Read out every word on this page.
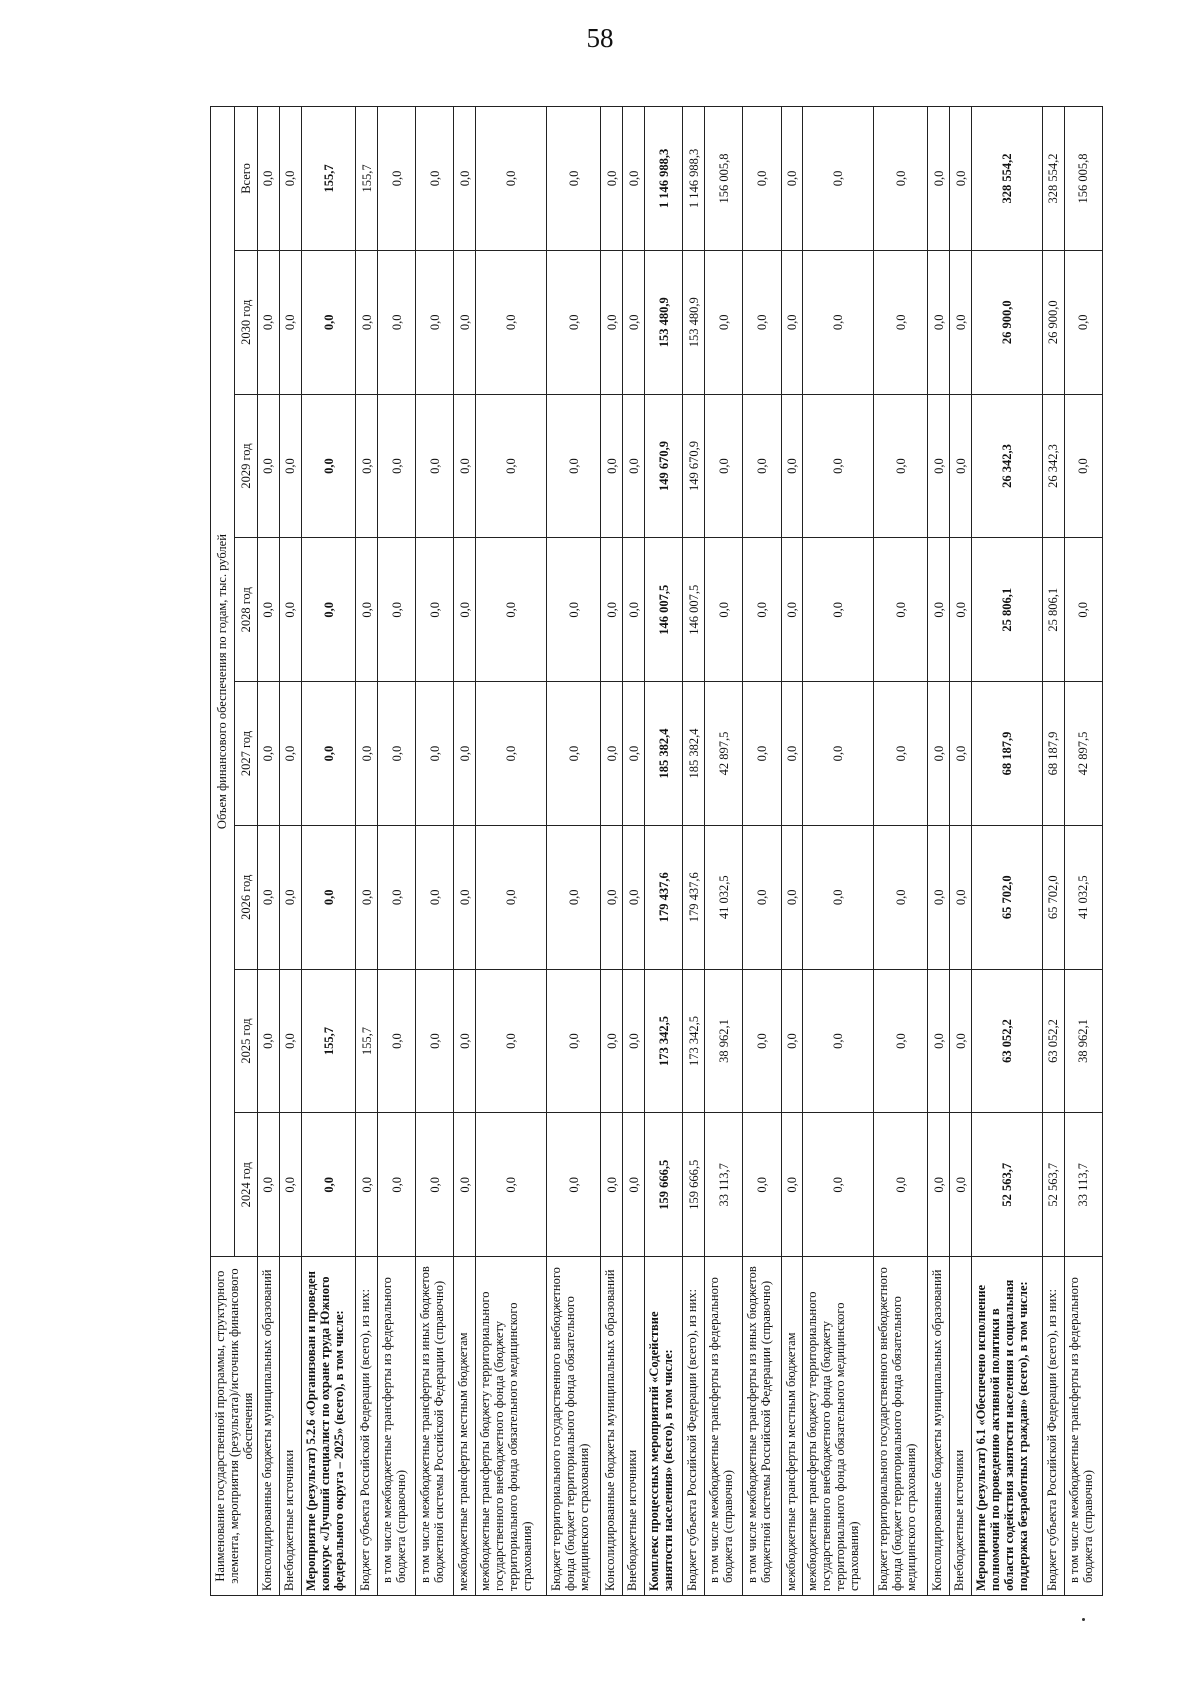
58
Наименование государственной программы, структурного элемента, мероприятия (результата)/источник финансового обеспечения	Объем финансового обеспечения по годам, тыс. рублей							
	2024 год	2025 год	2026 год	2027 год	2028 год	2029 год	2030 год	Всего
Консолидированные бюджеты муниципальных образований	0,0	0,0	0,0	0,0	0,0	0,0	0,0	0,0
Внебюджетные источники	0,0	0,0	0,0	0,0	0,0	0,0	0,0	0,0
Мероприятие (результат) 5.2.6 «Организован и проведен конкурс «Лучший специалист по охране труда Южного федерального округа – 2025» (всего), в том числе:	0,0	155,7	0,0	0,0	0,0	0,0	0,0	155,7
Бюджет субъекта Российской Федерации (всего), из них:	0,0	155,7	0,0	0,0	0,0	0,0	0,0	155,7
в том числе межбюджетные трансферты из федерального бюджета (справочно)	0,0	0,0	0,0	0,0	0,0	0,0	0,0	0,0
в том числе межбюджетные трансферты из иных бюджетов бюджетной системы Российской Федерации (справочно)	0,0	0,0	0,0	0,0	0,0	0,0	0,0	0,0
межбюджетные трансферты местным бюджетам	0,0	0,0	0,0	0,0	0,0	0,0	0,0	0,0
межбюджетные трансферты бюджету территориального государственного внебюджетного фонда (бюджету территориального фонда обязательного медицинского страхования)	0,0	0,0	0,0	0,0	0,0	0,0	0,0	0,0
Бюджет территориального государственного внебюджетного фонда (бюджет территориального фонда обязательного медицинского страхования)	0,0	0,0	0,0	0,0	0,0	0,0	0,0	0,0
Консолидированные бюджеты муниципальных образований	0,0	0,0	0,0	0,0	0,0	0,0	0,0	0,0
Внебюджетные источники	0,0	0,0	0,0	0,0	0,0	0,0	0,0	0,0
Комплекс процессных мероприятий «Содействие занятости населения» (всего), в том числе:	159 666,5	173 342,5	179 437,6	185 382,4	146 007,5	149 670,9	153 480,9	1 146 988,3
Бюджет субъекта Российской Федерации (всего), из них:	159 666,5	173 342,5	179 437,6	185 382,4	146 007,5	149 670,9	153 480,9	1 146 988,3
в том числе межбюджетные трансферты из федерального бюджета (справочно)	33 113,7	38 962,1	41 032,5	42 897,5	0,0	0,0	0,0	156 005,8
в том числе межбюджетные трансферты из иных бюджетов бюджетной системы Российской Федерации (справочно)	0,0	0,0	0,0	0,0	0,0	0,0	0,0	0,0
межбюджетные трансферты местным бюджетам	0,0	0,0	0,0	0,0	0,0	0,0	0,0	0,0
межбюджетные трансферты бюджету территориального государственного внебюджетного фонда (бюджету территориального фонда обязательного медицинского страхования)	0,0	0,0	0,0	0,0	0,0	0,0	0,0	0,0
Бюджет территориального государственного внебюджетного фонда (бюджет территориального фонда обязательного медицинского страхования)	0,0	0,0	0,0	0,0	0,0	0,0	0,0	0,0
Консолидированные бюджеты муниципальных образований	0,0	0,0	0,0	0,0	0,0	0,0	0,0	0,0
Внебюджетные источники	0,0	0,0	0,0	0,0	0,0	0,0	0,0	0,0
Мероприятие (результат) 6.1 «Обеспечено исполнение полномочий по проведению активной политики в области содействия занятости населения и социальная поддержка безработных граждан» (всего), в том числе:	52 563,7	63 052,2	65 702,0	68 187,9	25 806,1	26 342,3	26 900,0	328 554,2
Бюджет субъекта Российской Федерации (всего), из них:	52 563,7	63 052,2	65 702,0	68 187,9	25 806,1	26 342,3	26 900,0	328 554,2
в том числе межбюджетные трансферты из федерального бюджета (справочно)	33 113,7	38 962,1	41 032,5	42 897,5	0,0	0,0	0,0	156 005,8
